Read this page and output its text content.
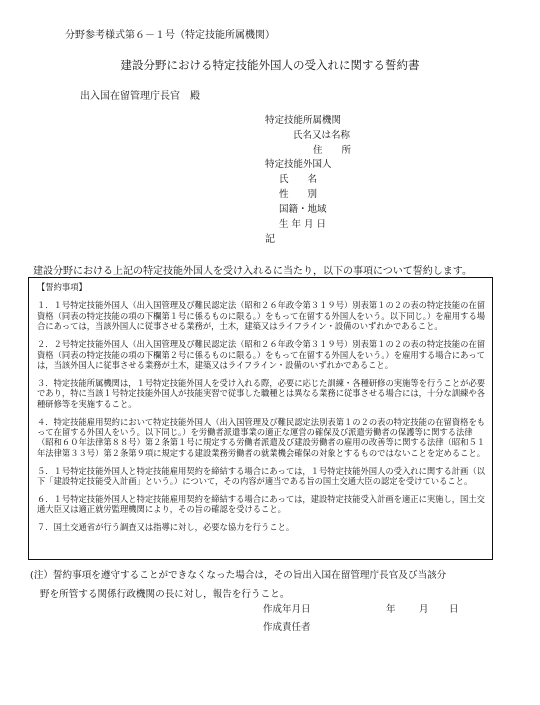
分野参考様式第６－１号（特定技能所属機関）
建設分野における特定技能外国人の受入れに関する誓約書
出入国在留管理庁長官　殿
特定技能所属機関
氏名又は名称
住　　所
特定技能外国人
氏　　名
性　　別
国籍・地域
生 年 月 日
記
建設分野における上記の特定技能外国人を受け入れるに当たり，以下の事項について誓約します。
【誓約事項】
１．１号特定技能外国人（出入国管理及び難民認定法（昭和２６年政令第３１９号）別表第１の２の表の特定技能の在留資格（同表の特定技能の項の下欄第１号に係るものに限る。）をもって在留する外国人をいう。以下同じ。）を雇用する場合にあっては，当該外国人に従事させる業務が，土木，建築又はライフライン・設備のいずれかであること。
２．２号特定技能外国人（出入国管理及び難民認定法（昭和２６年政令第３１９号）別表第１の２の表の特定技能の在留資格（同表の特定技能の項の下欄第２号に係るものに限る。）をもって在留する外国人をいう。）を雇用する場合にあっては，当該外国人に従事させる業務が土木，建築又はライフライン・設備のいずれかであること。
３．特定技能所属機関は，１号特定技能外国人を受け入れる際，必要に応じた訓練・各種研修の実施等を行うことが必要であり，特に当該１号特定技能外国人が技能実習で従事した職種とは異なる業務に従事させる場合には，十分な訓練や各種研修等を実施すること。
４．特定技能雇用契約において特定技能外国人（出入国管理及び難民認定法別表第１の２の表の特定技能の在留資格をもって在留する外国人をいう。以下同じ。）を労働者派遣事業の適正な運営の確保及び派遣労働者の保護等に関する法律（昭和６０年法律第８８号）第２条第１号に規定する労働者派遣及び建設労働者の雇用の改善等に関する法律（昭和５１年法律第３３号）第２条第９項に規定する建設業務労働者の就業機会確保の対象とするものではないことを定めること。
５．１号特定技能外国人と特定技能雇用契約を締結する場合にあっては，１号特定技能外国人の受入れに関する計画（以下「建設特定技能受入計画」という。）について，その内容が適当である旨の国土交通大臣の認定を受けていること。
６．１号特定技能外国人と特定技能雇用契約を締結する場合にあっては，建設特定技能受入計画を適正に実施し，国土交通大臣又は適正就労監理機関により，その旨の確認を受けること。
７．国土交通省が行う調査又は指導に対し，必要な協力を行うこと。
(注）誓約事項を遵守することができなくなった場合は，その旨出入国在留管理庁長官及び当該分
野を所管する関係行政機関の長に対し，報告を行うこと。
作成年月日	年 月 日
作成責任者
